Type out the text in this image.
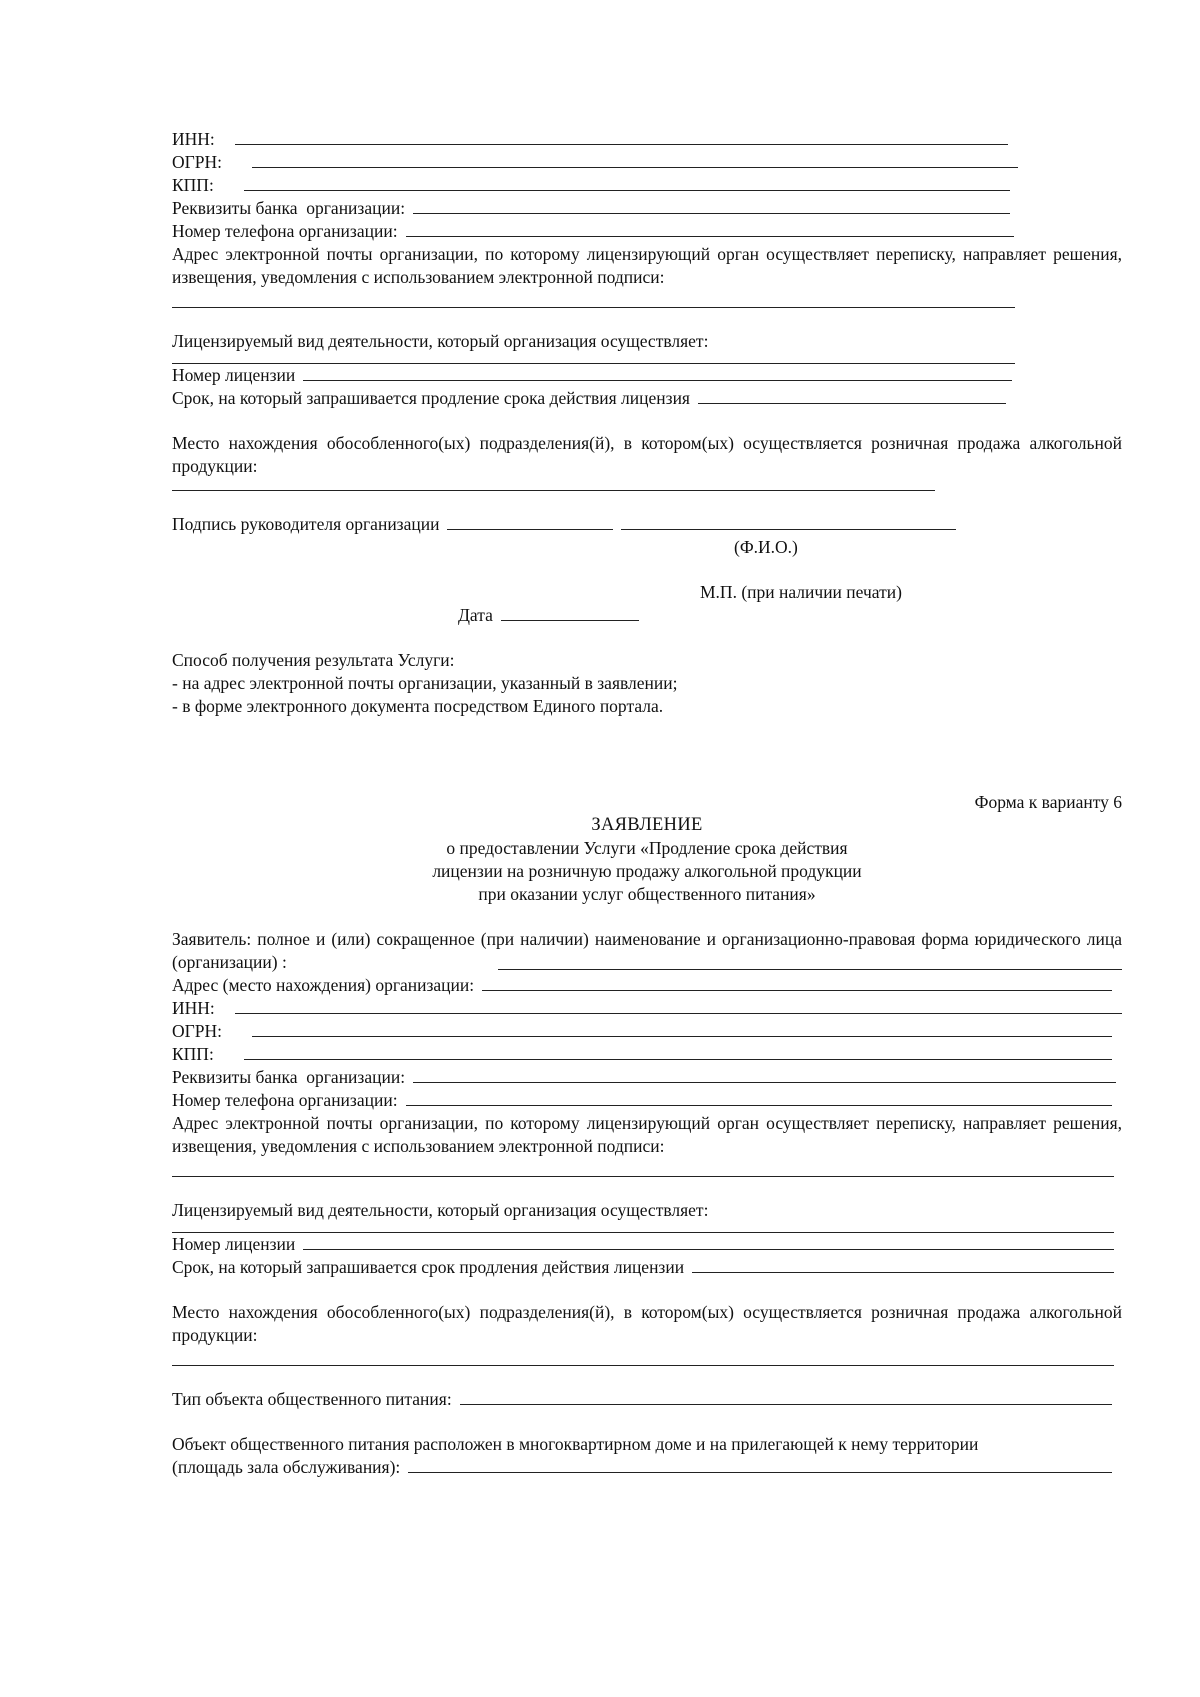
ИНН:
ОГРН:
КПП:
Реквизиты банка  организации:
Номер телефона организации:
Адрес электронной почты организации, по которому лицензирующий орган осуществляет переписку, направляет решения, извещения, уведомления с использованием электронной подписи:
Лицензируемый вид деятельности, который организация осуществляет:
Номер лицензии
Срок, на который запрашивается продление срока действия лицензия
Место нахождения обособленного(ых) подразделения(й), в котором(ых) осуществляется розничная продажа алкогольной продукции:
Подпись руководителя организации
(Ф.И.О.)
М.П. (при наличии печати)
Дата
Способ получения результата Услуги:
- на адрес электронной почты организации, указанный в заявлении;
- в форме электронного документа посредством Единого портала.
Форма к варианту 6
ЗАЯВЛЕНИЕ
о предоставлении Услуги «Продление срока действия
лицензии на розничную продажу алкогольной продукции
при оказании услуг общественного питания»
Заявитель: полное и (или) сокращенное (при наличии) наименование и организационно-правовая форма юридического лица (организации) :
Адрес (место нахождения) организации:
ИНН:
ОГРН:
КПП:
Реквизиты банка  организации:
Номер телефона организации:
Адрес электронной почты организации, по которому лицензирующий орган осуществляет переписку, направляет решения, извещения, уведомления с использованием электронной подписи:
Лицензируемый вид деятельности, который организация осуществляет:
Номер лицензии
Срок, на который запрашивается срок продления действия лицензии
Место нахождения обособленного(ых) подразделения(й), в котором(ых) осуществляется розничная продажа алкогольной продукции:
Тип объекта общественного питания:
Объект общественного питания расположен в многоквартирном доме и на прилегающей к нему территории
(площадь зала обслуживания):
